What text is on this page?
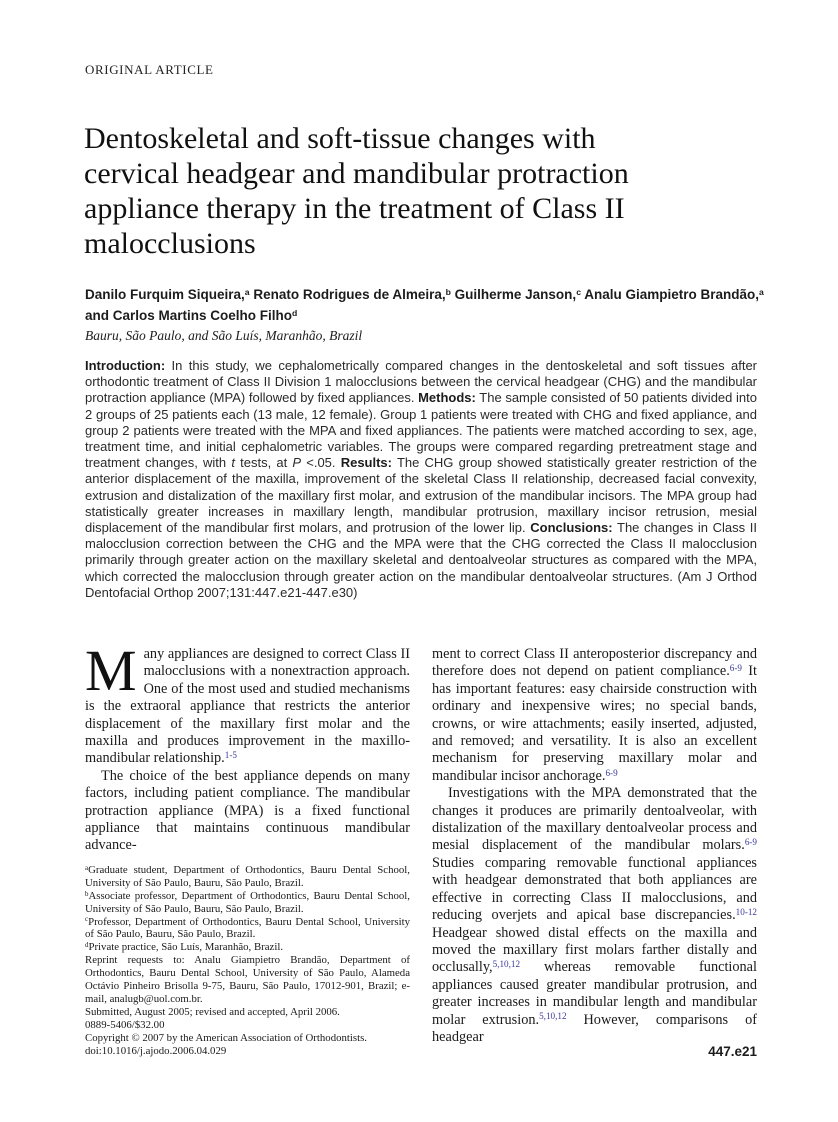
ORIGINAL ARTICLE
Dentoskeletal and soft-tissue changes with
cervical headgear and mandibular protraction
appliance therapy in the treatment of Class II
malocclusions
Danilo Furquim Siqueira,$^a$ Renato Rodrigues de Almeira,$^b$ Guilherme Janson,$^c$ Analu Giampietro Brandão,$^a$
and Carlos Martins Coelho Filho$^d$
Bauru, São Paulo, and São Luís, Maranhão, Brazil
Introduction: In this study, we cephalometrically compared changes in the dentoskeletal and soft tissues after orthodontic treatment of Class II Division 1 malocclusions between the cervical headgear (CHG) and the mandibular protraction appliance (MPA) followed by fixed appliances. Methods: The sample consisted of 50 patients divided into 2 groups of 25 patients each (13 male, 12 female). Group 1 patients were treated with CHG and fixed appliance, and group 2 patients were treated with the MPA and fixed appliances. The patients were matched according to sex, age, treatment time, and initial cephalometric variables. The groups were compared regarding pretreatment stage and treatment changes, with t tests, at P <.05. Results: The CHG group showed statistically greater restriction of the anterior displacement of the maxilla, improvement of the skeletal Class II relationship, decreased facial convexity, extrusion and distalization of the maxillary first molar, and extrusion of the mandibular incisors. The MPA group had statistically greater increases in maxillary length, mandibular protrusion, maxillary incisor retrusion, mesial displacement of the mandibular first molars, and protrusion of the lower lip. Conclusions: The changes in Class II malocclusion correction between the CHG and the MPA were that the CHG corrected the Class II malocclusion primarily through greater action on the maxillary skeletal and dentoalveolar structures as compared with the MPA, which corrected the malocclusion through greater action on the mandibular dentoalveolar structures. (Am J Orthod Dentofacial Orthop 2007;131:447.e21-447.e30)

M any appliances are designed to correct Class II malocclusions with a nonextraction approach. One of the most used and studied mechanisms is the extraoral appliance that restricts the anterior displacement of the maxillary first molar and the maxilla and produces improvement in the maxillo-mandibular relationship.$^{1-5}$

The choice of the best appliance depends on many factors, including patient compliance. The mandibular protraction appliance (MPA) is a fixed functional appliance that maintains continuous mandibular advance-

$^a$Graduate student, Department of Orthodontics, Bauru Dental School, University of São Paulo, Bauru, São Paulo, Brazil.

$^b$Associate professor, Department of Orthodontics, Bauru Dental School, University of São Paulo, Bauru, São Paulo, Brazil.

$^c$Professor, Department of Orthodontics, Bauru Dental School, University of São Paulo, Bauru, São Paulo, Brazil.

$^d$Private practice, São Luís, Maranhão, Brazil.

Reprint requests to: Analu Giampietro Brandão, Department of Orthodontics, Bauru Dental School, University of São Paulo, Alameda Octávio Pinheiro Brisolla 9-75, Bauru, São Paulo, 17012-901, Brazil; e-mail, analugb@uol.com.br.

Submitted, August 2005; revised and accepted, April 2006.

0889-5406/$32.00

Copyright © 2007 by the American Association of Orthodontists.

doi:10.1016/j.ajodo.2006.04.029

ment to correct Class II anteroposterior discrepancy and therefore does not depend on patient compliance.$^{6-9}$ It has important features: easy chairside construction with ordinary and inexpensive wires; no special bands, crowns, or wire attachments; easily inserted, adjusted, and removed; and versatility. It is also an excellent mechanism for preserving maxillary molar and mandibular incisor anchorage.$^{6-9}$

Investigations with the MPA demonstrated that the changes it produces are primarily dentoalveolar, with distalization of the maxillary dentoalveolar process and mesial displacement of the mandibular molars.$^{6-9}$ Studies comparing removable functional appliances with headgear demonstrated that both appliances are effective in correcting Class II malocclusions, and reducing overjets and apical base discrepancies.$^{10-12}$ Headgear showed distal effects on the maxilla and moved the maxillary first molars farther distally and occlusally,$^{5,10,12}$ whereas removable functional appliances caused greater mandibular protrusion, and greater increases in mandibular length and mandibular molar extrusion.$^{5,10,12}$ However, comparisons of headgear

447.e21
